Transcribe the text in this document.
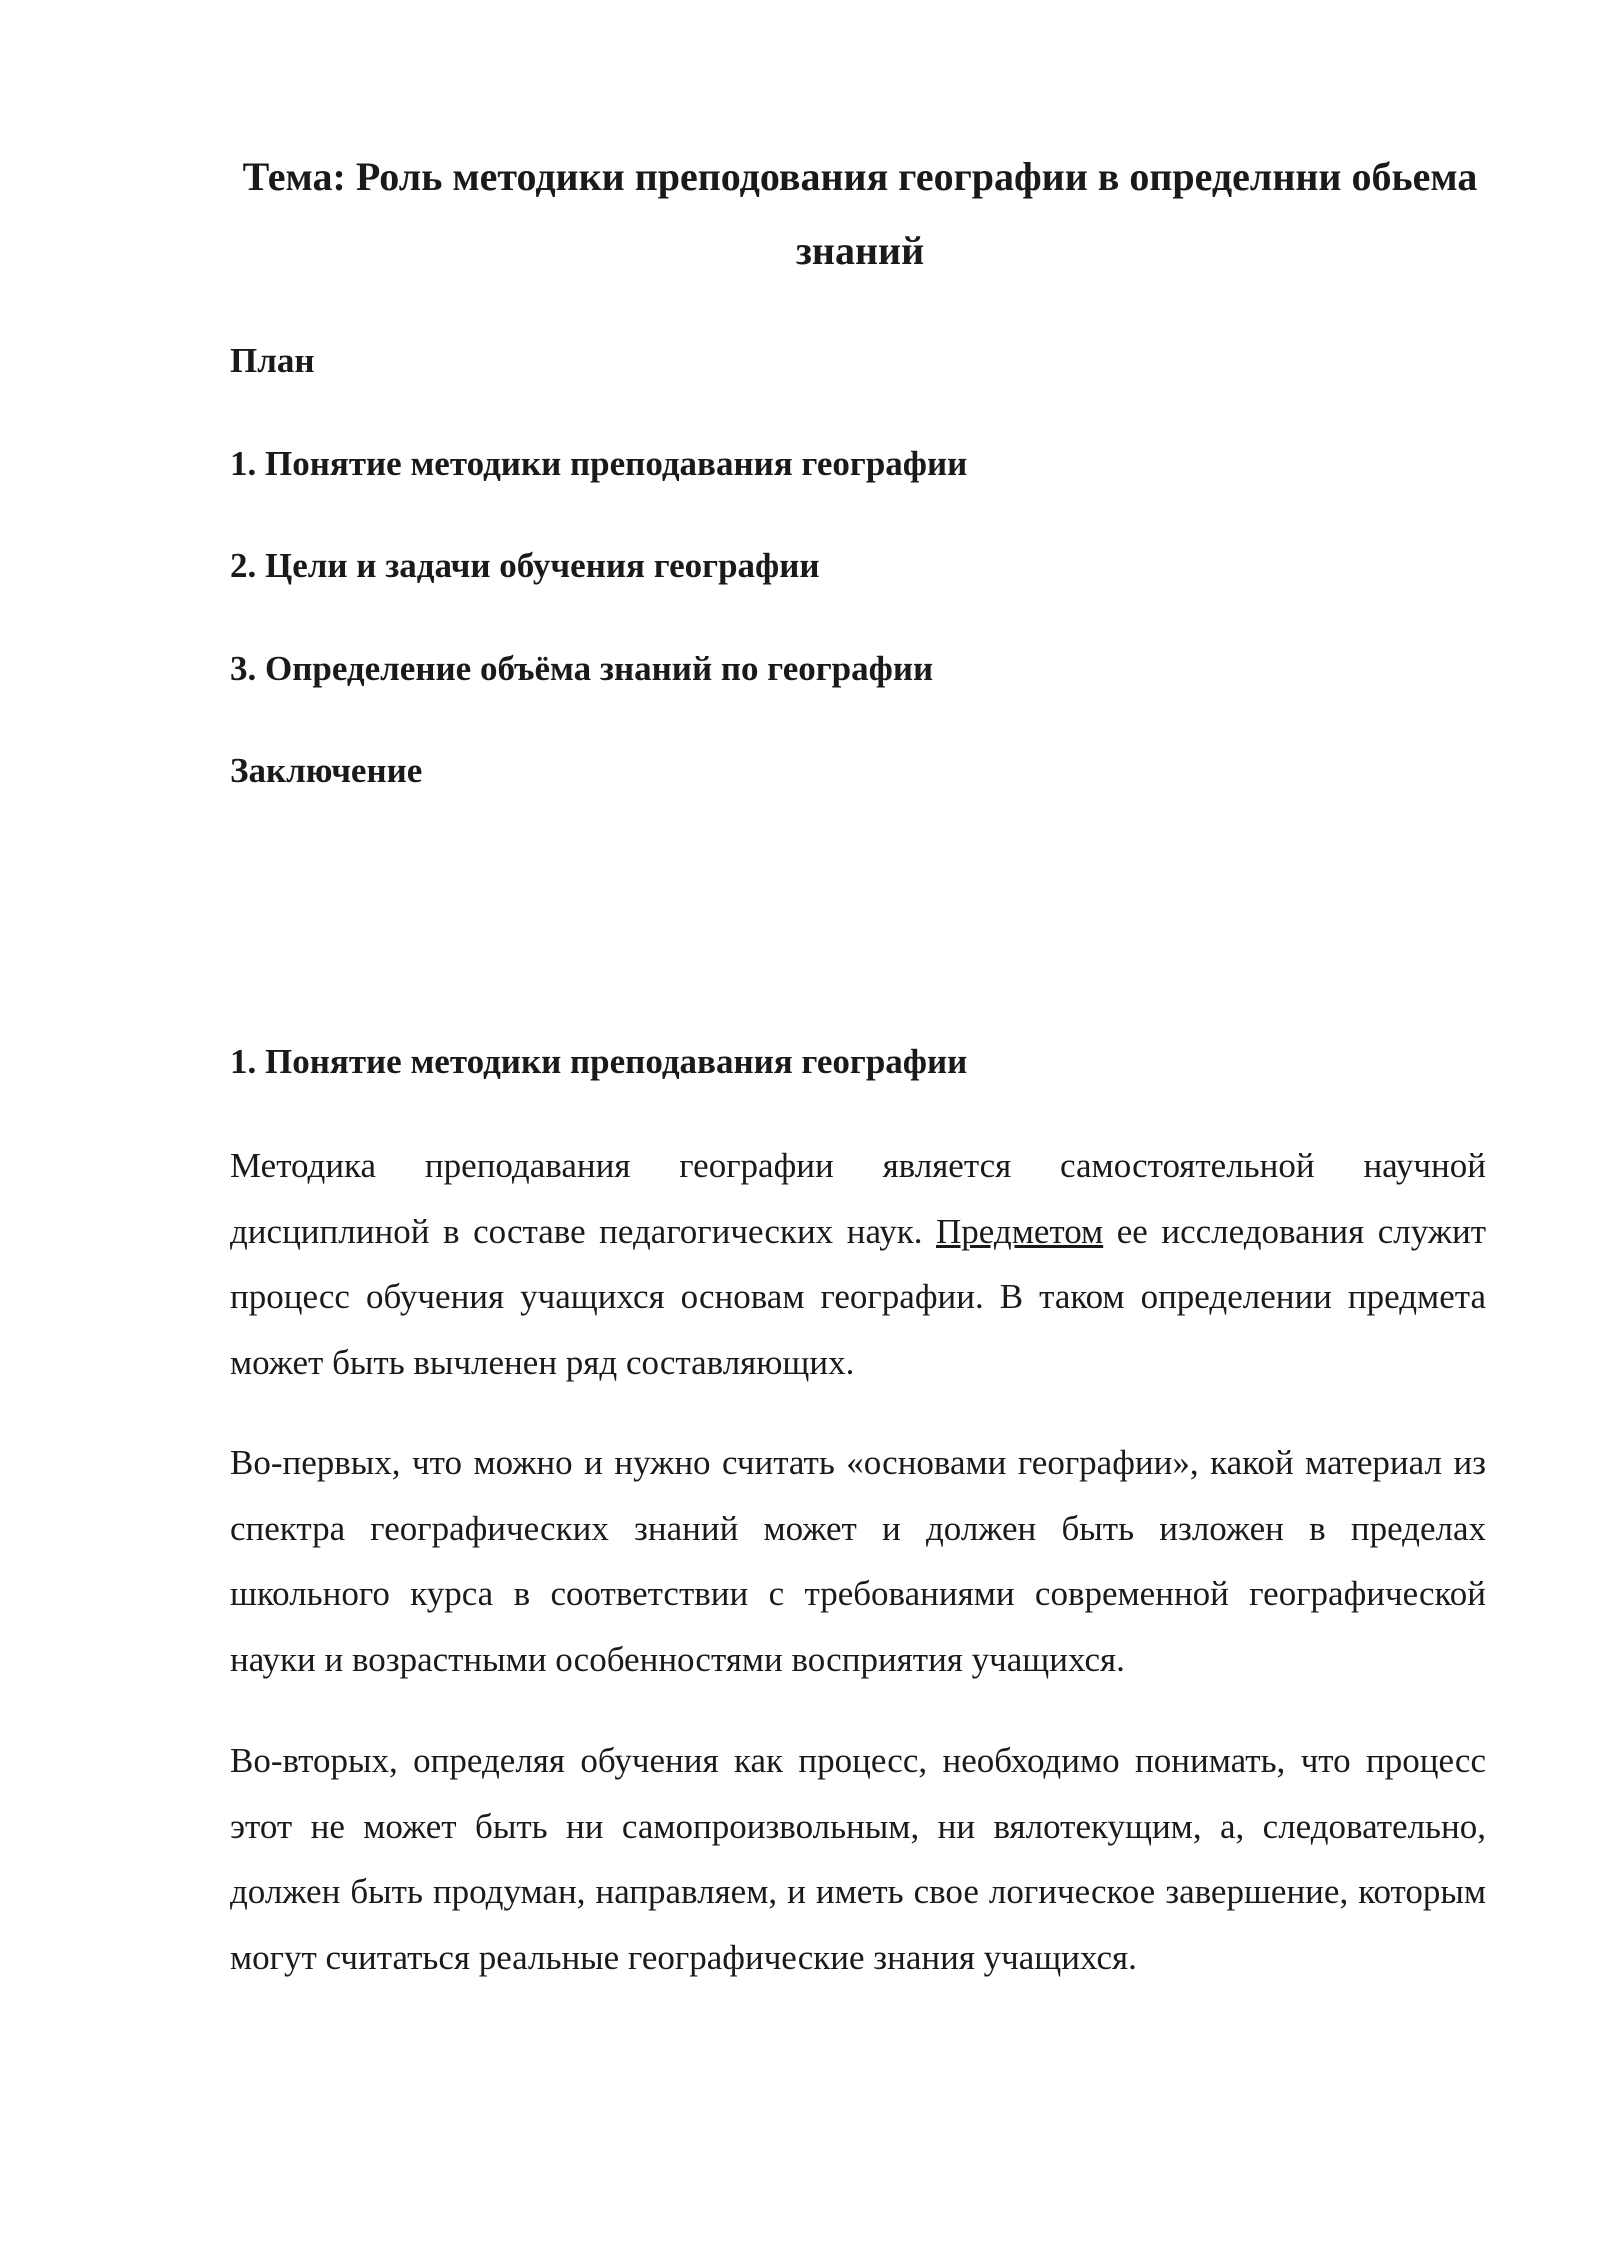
Тема: Роль методики преподования географии в определнни обьема знаний
План
1. Понятие методики преподавания географии
2. Цели и задачи обучения географии
3. Определение объёма знаний по географии
Заключение
1. Понятие методики преподавания географии

Методика преподавания географии является самостоятельной научной дисциплиной в составе педагогических наук. Предметом ее исследования служит процесс обучения учащихся основам географии. В таком определении предмета может быть вычленен ряд составляющих.

Во-первых, что можно и нужно считать «основами географии», какой материал из спектра географических знаний может и должен быть изложен в пределах школьного курса в соответствии с требованиями современной географической науки и возрастными особенностями восприятия учащихся.

Во-вторых, определяя обучения как процесс, необходимо понимать, что процесс этот не может быть ни самопроизвольным, ни вялотекущим, а, следовательно, должен быть продуман, направляем, и иметь свое логическое завершение, которым могут считаться реальные географические знания учащихся.
